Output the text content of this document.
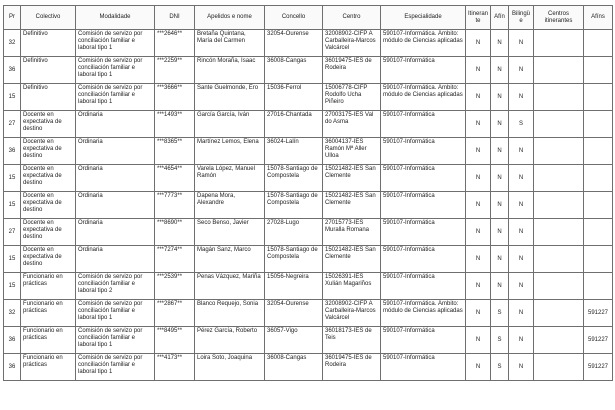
Pr	Colectivo	Modalidade	DNI	Apelidos e nome	Concello	Centro	Especialidade	Itinerante	Afín	Bilingüe	Centros itinerantes	Afíns
32	Definitivo	Comisión de servizo por conciliación familiar e laboral tipo 1	***2646**	Bretaña Quintana, María del Carmen	32054-Ourense	32008902-CIFP A Carballeira-Marcos Valcárcel	590107-Informática. Ámbito: módulo de Ciencias aplicadas	N	N	N		
36	Definitivo	Comisión de servizo por conciliación familiar e laboral tipo 1	***2259**	Rincón Moraña, Isaac	36008-Cangas	36019475-IES de Rodeira	590107-Informática	N	N	N		
15	Definitivo	Comisión de servizo por conciliación familiar e laboral tipo 1	***3666**	Sante Guelmonde, Ero	15036-Ferrol	15006778-CIFP Rodolfo Ucha Piñeiro	590107-Informática. Ámbito: módulo de Ciencias aplicadas	N	N	N		
27	Docente en expectativa de destino	Ordinaria	***1493**	García García, Iván	27016-Chantada	27003175-IES Val do Asma	590107-Informática	N	N	S		
36	Docente en expectativa de destino	Ordinaria	***8365**	Martínez Lemos, Elena	36024-Lalín	36004137-IES Ramón Mª Aller Ulloa	590107-Informática	N	N	N		
15	Docente en expectativa de destino	Ordinaria	***4654**	Varela López, Manuel Ramón	15078-Santiago de Compostela	15021482-IES San Clemente	590107-Informática	N	N	N		
15	Docente en expectativa de destino	Ordinaria	***7773**	Dapena Mora, Alexandre	15078-Santiago de Compostela	15021482-IES San Clemente	590107-Informática	N	N	N		
27	Docente en expectativa de destino	Ordinaria	***8690**	Seco Benso, Javier	27028-Lugo	27015773-IES Muralla Romana	590107-Informática	N	N	N		
15	Docente en expectativa de destino	Ordinaria	***7274**	Magán Sanz, Marco	15078-Santiago de Compostela	15021482-IES San Clemente	590107-Informática	N	N	N		
15	Funcionario en prácticas	Comisión de servizo por conciliación familiar e laboral tipo 2	***2539**	Penas Vázquez, Mariña	15056-Negreira	15026391-IES Xulián Magariños	590107-Informática	N	N	N		
32	Funcionario en prácticas	Comisión de servizo por conciliación familiar e laboral tipo 1	***2867**	Blanco Requejo, Sonia	32054-Ourense	32008902-CIFP A Carballeira-Marcos Valcárcel	590107-Informática. Ámbito: módulo de Ciencias aplicadas	N	S	N		591227
36	Funcionario en prácticas	Comisión de servizo por conciliación familiar e laboral tipo 1	***8495**	Pérez García, Roberto	36057-Vigo	36018173-IES de Teis	590107-Informática	N	S	N		591227
36	Funcionario en prácticas	Comisión de servizo por conciliación familiar e laboral tipo 1	***4173**	Loira Soto, Joaquina	36008-Cangas	36019475-IES de Rodeira	590107-Informática	N	S	N		591227
